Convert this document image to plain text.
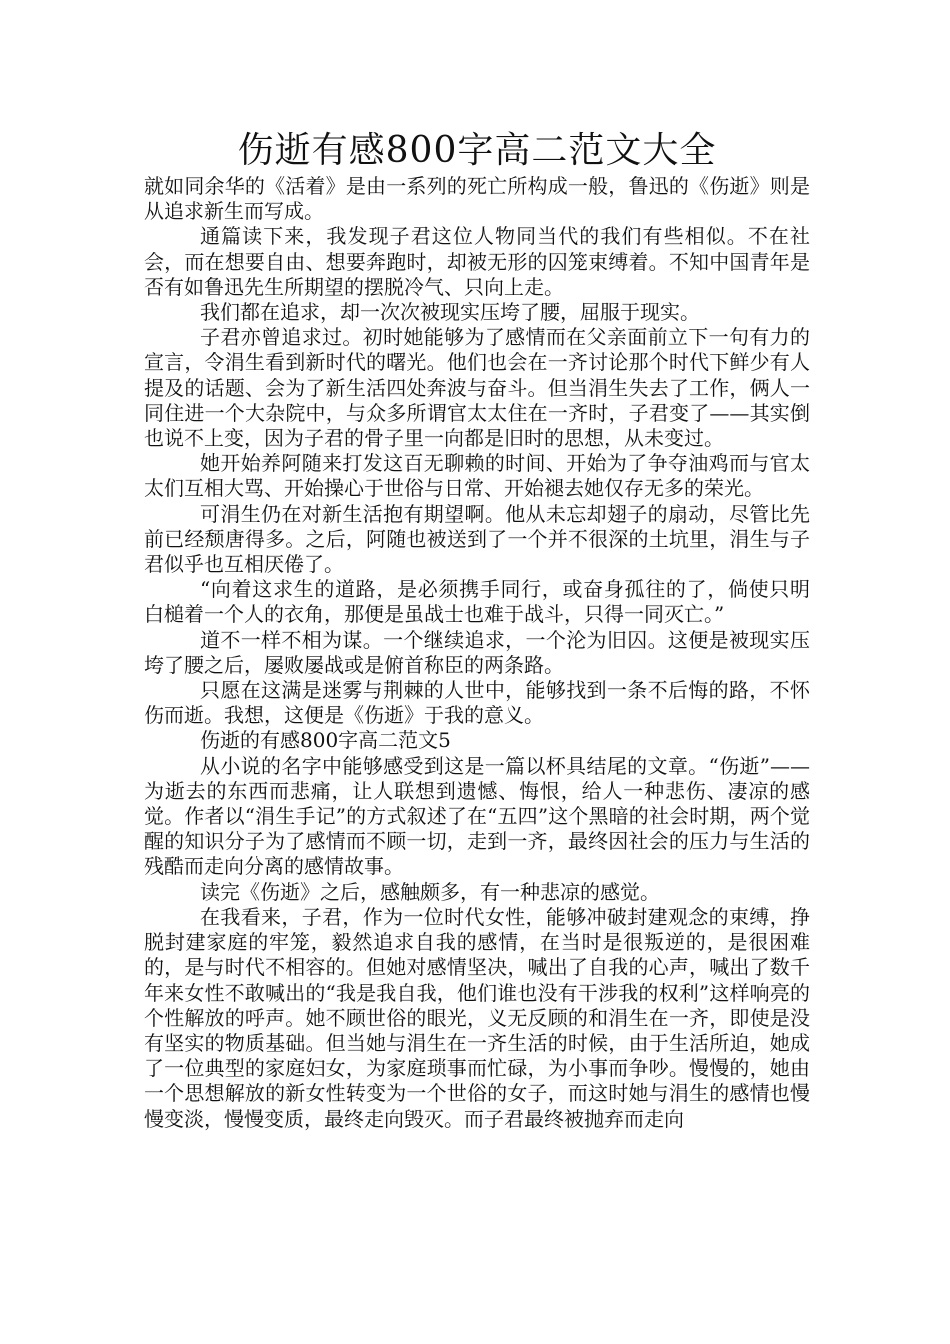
伤逝有感800字高二范文大全

就如同余华的《活着》是由一系列的死亡所构成一般，鲁迅的《伤逝》则是从追求新生而写成。

通篇读下来，我发现子君这位人物同当代的我们有些相似。不在社会，而在想要自由、想要奔跑时，却被无形的囚笼束缚着。不知中国青年是否有如鲁迅先生所期望的摆脱冷气、只向上走。

我们都在追求，却一次次被现实压垮了腰，屈服于现实。

子君亦曾追求过。初时她能够为了感情而在父亲面前立下一句有力的宣言，令涓生看到新时代的曙光。他们也会在一齐讨论那个时代下鲜少有人提及的话题、会为了新生活四处奔波与奋斗。但当涓生失去了工作，俩人一同住进一个大杂院中，与众多所谓官太太住在一齐时，子君变了——其实倒也说不上变，因为子君的骨子里一向都是旧时的思想，从未变过。

她开始养阿随来打发这百无聊赖的时间、开始为了争夺油鸡而与官太太们互相大骂、开始操心于世俗与日常、开始褪去她仅存无多的荣光。

可涓生仍在对新生活抱有期望啊。他从未忘却翅子的扇动，尽管比先前已经颓唐得多。之后，阿随也被送到了一个并不很深的土坑里，涓生与子君似乎也互相厌倦了。

“向着这求生的道路，是必须携手同行，或奋身孤往的了，倘使只明白槌着一个人的衣角，那便是虽战士也难于战斗，只得一同灭亡。”

道不一样不相为谋。一个继续追求，一个沦为旧囚。这便是被现实压垮了腰之后，屡败屡战或是俯首称臣的两条路。

只愿在这满是迷雾与荆棘的人世中，能够找到一条不后悔的路，不怀伤而逝。我想，这便是《伤逝》于我的意义。

伤逝的有感800字高二范文5

从小说的名字中能够感受到这是一篇以杯具结尾的文章。“伤逝”——为逝去的东西而悲痛，让人联想到遗憾、悔恨，给人一种悲伤、凄凉的感觉。作者以“涓生手记”的方式叙述了在“五四”这个黑暗的社会时期，两个觉醒的知识分子为了感情而不顾一切，走到一齐，最终因社会的压力与生活的残酷而走向分离的感情故事。

读完《伤逝》之后，感触颇多，有一种悲凉的感觉。

在我看来，子君，作为一位时代女性，能够冲破封建观念的束缚，挣脱封建家庭的牢笼，毅然追求自我的感情，在当时是很叛逆的，是很困难的，是与时代不相容的。但她对感情坚决，喊出了自我的心声，喊出了数千年来女性不敢喊出的“我是我自我，他们谁也没有干涉我的权利”这样响亮的个性解放的呼声。她不顾世俗的眼光，义无反顾的和涓生在一齐，即使是没有坚实的物质基础。但当她与涓生在一齐生活的时候，由于生活所迫，她成了一位典型的家庭妇女，为家庭琐事而忙碌，为小事而争吵。慢慢的，她由一个思想解放的新女性转变为一个世俗的女子，而这时她与涓生的感情也慢慢变淡，慢慢变质，最终走向毁灭。而子君最终被抛弃而走向
